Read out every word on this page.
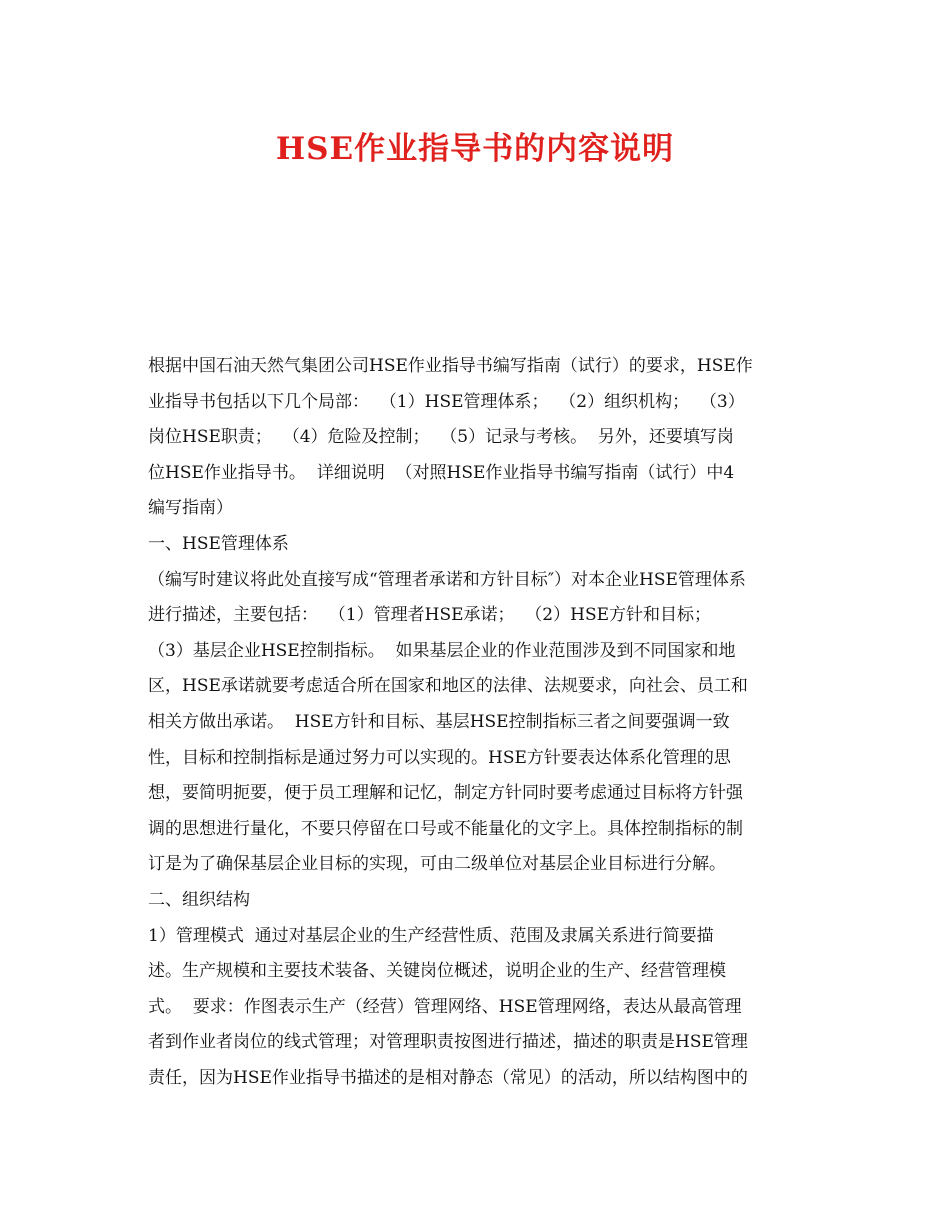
HSE作业指导书的内容说明
根据中国石油天然气集团公司HSE作业指导书编写指南（试行）的要求，HSE作
业指导书包括以下几个局部：  （1）HSE管理体系；  （2）组织机构；  （3）
岗位HSE职责；  （4）危险及控制；  （5）记录与考核。  另外，还要填写岗
位HSE作业指导书。  详细说明  （对照HSE作业指导书编写指南（试行）中4
编写指南）
一、HSE管理体系
（编写时建议将此处直接写成“管理者承诺和方针目标″）对本企业HSE管理体系
进行描述，主要包括：  （1）管理者HSE承诺；  （2）HSE方针和目标；
（3）基层企业HSE控制指标。  如果基层企业的作业范围涉及到不同国家和地
区，HSE承诺就要考虑适合所在国家和地区的法律、法规要求，向社会、员工和
相关方做出承诺。  HSE方针和目标、基层HSE控制指标三者之间要强调一致
性，目标和控制指标是通过努力可以实现的。HSE方针要表达体系化管理的思
想，要简明扼要，便于员工理解和记忆，制定方针同时要考虑通过目标将方针强
调的思想进行量化，不要只停留在口号或不能量化的文字上。具体控制指标的制
订是为了确保基层企业目标的实现，可由二级单位对基层企业目标进行分解。
二、组织结构
1）管理模式  通过对基层企业的生产经营性质、范围及隶属关系进行简要描
述。生产规模和主要技术装备、关键岗位概述，说明企业的生产、经营管理模
式。  要求：作图表示生产（经营）管理网络、HSE管理网络，表达从最高管理
者到作业者岗位的线式管理；对管理职责按图进行描述，描述的职责是HSE管理
责任，因为HSE作业指导书描述的是相对静态（常见）的活动，所以结构图中的
